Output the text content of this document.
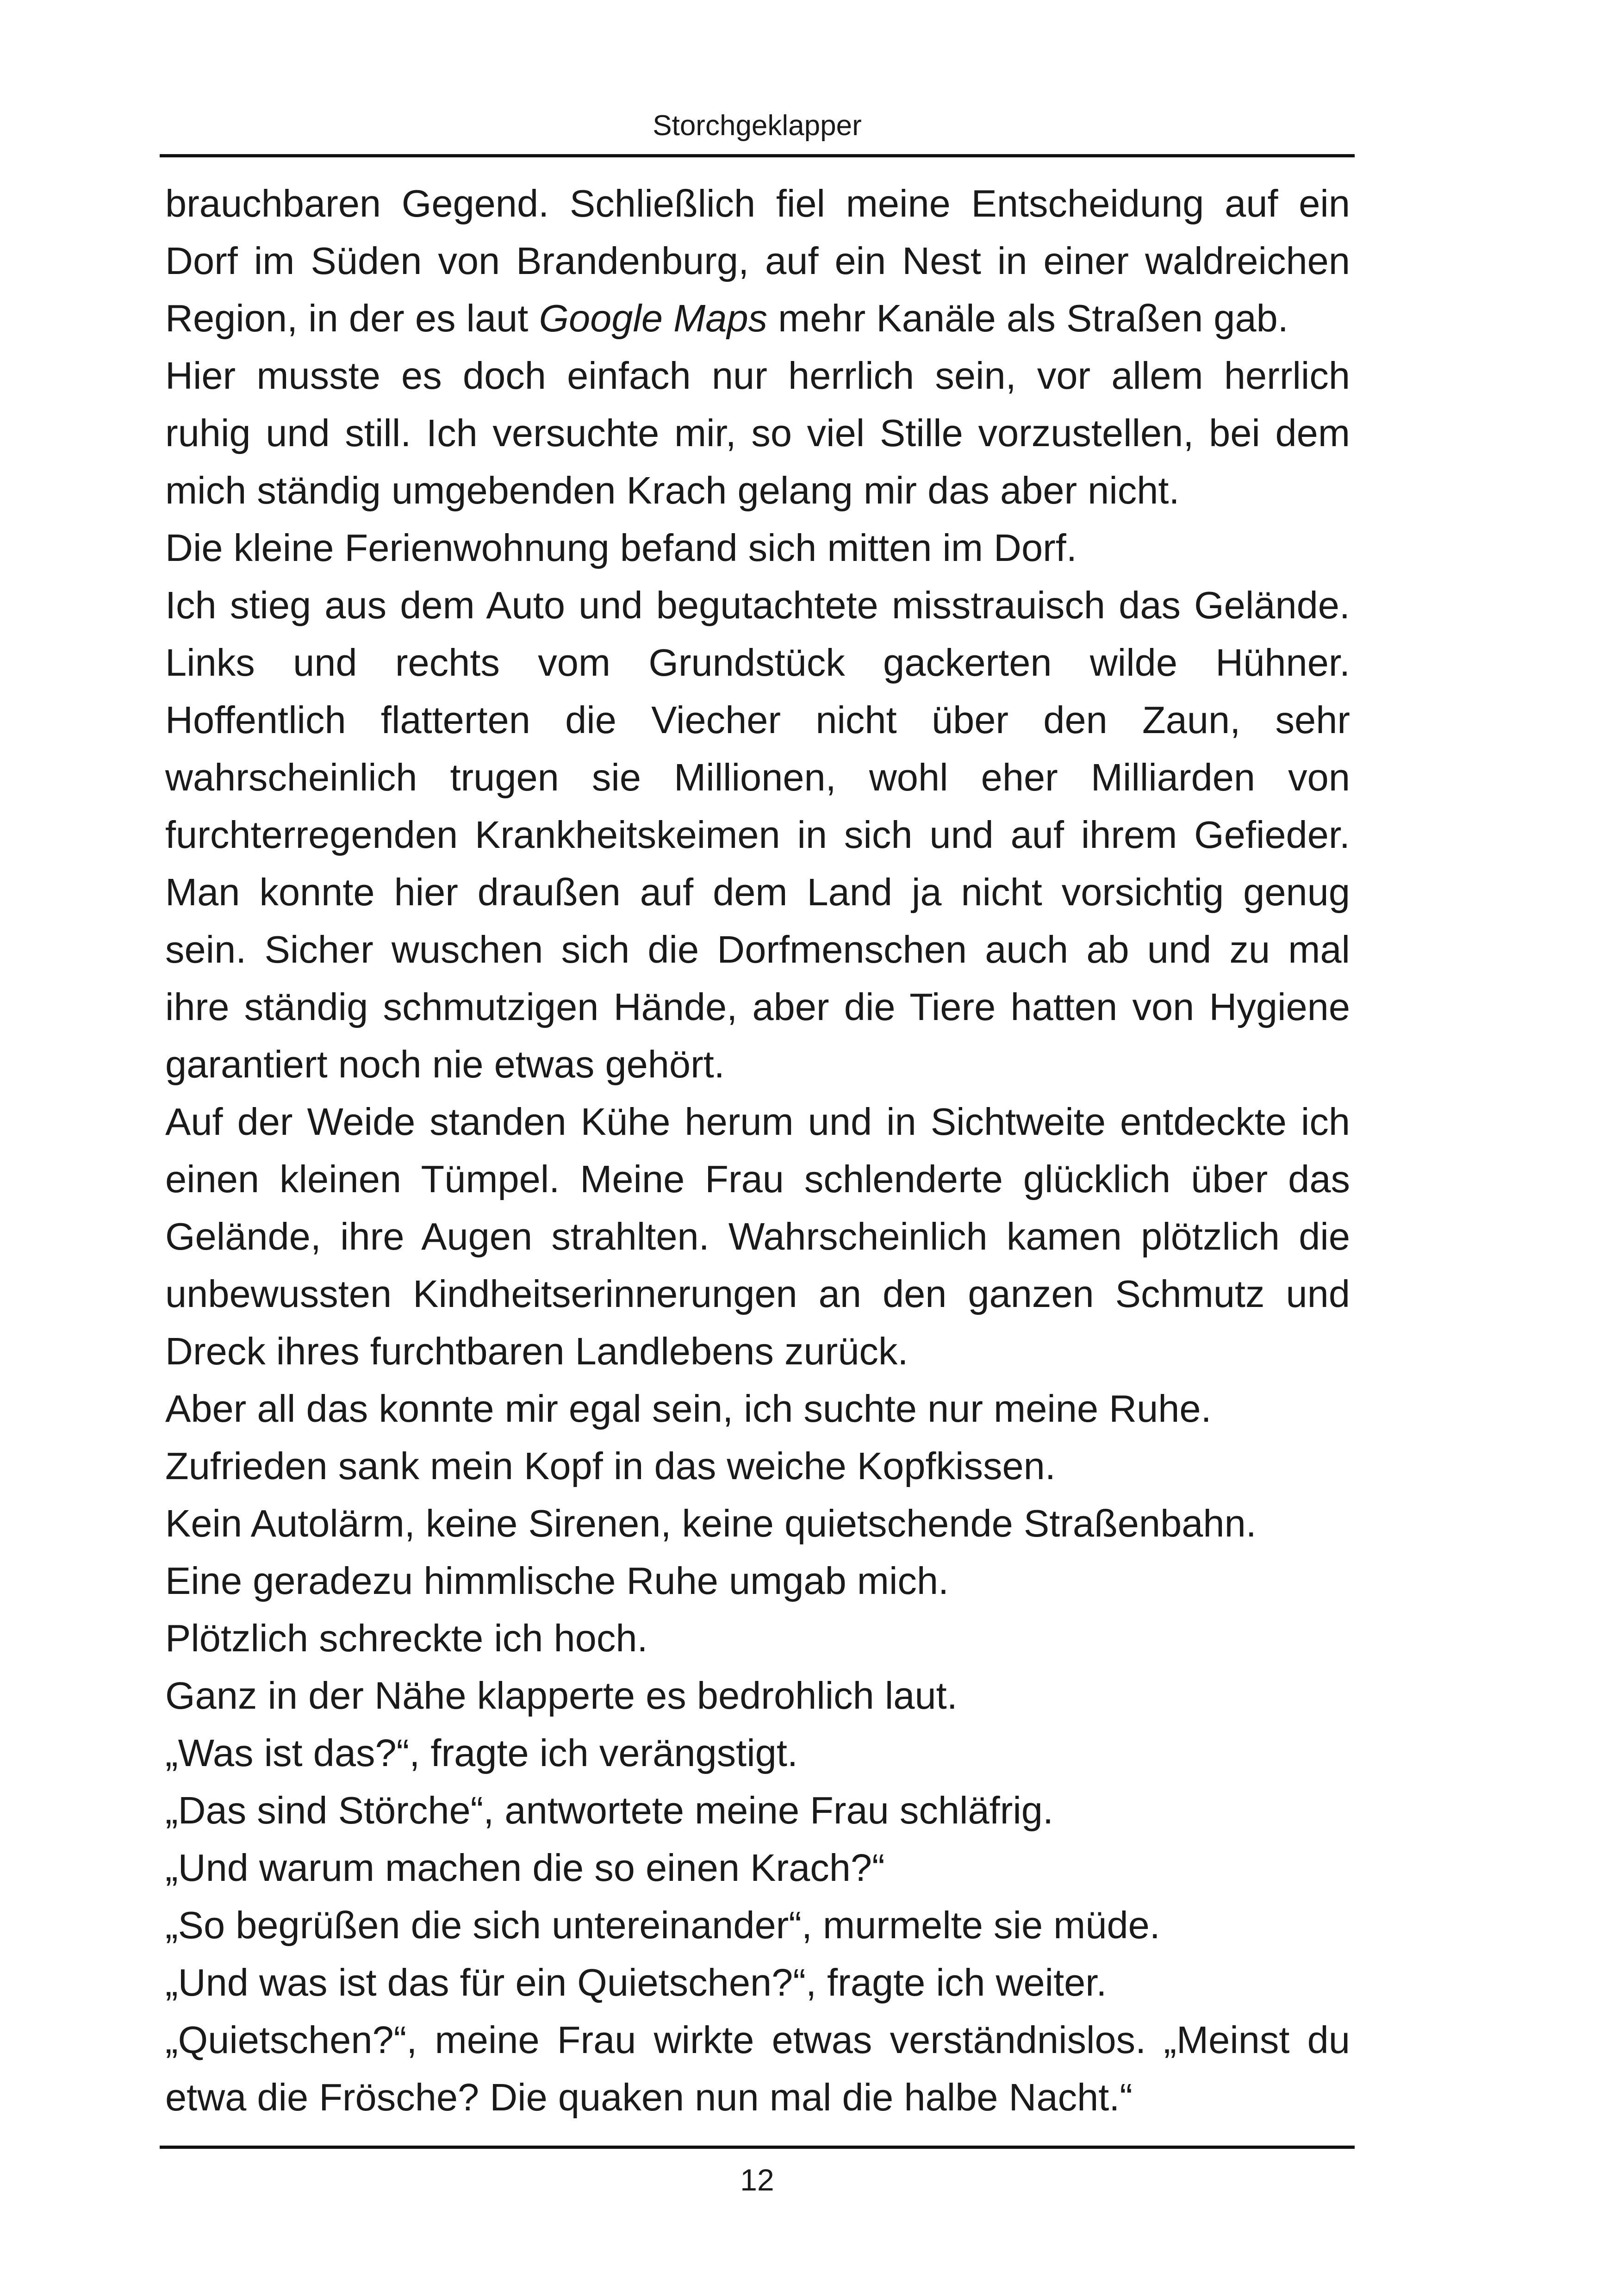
Storchgeklapper
brauchbaren Gegend. Schließlich fiel meine Entscheidung auf ein
Dorf im Süden von Brandenburg, auf ein Nest in einer waldreichen
Region, in der es laut Google Maps mehr Kanäle als Straßen gab.
Hier musste es doch einfach nur herrlich sein, vor allem herrlich
ruhig und still. Ich versuchte mir, so viel Stille vorzustellen, bei dem
mich ständig umgebenden Krach gelang mir das aber nicht.
Die kleine Ferienwohnung befand sich mitten im Dorf.
Ich stieg aus dem Auto und begutachtete misstrauisch das Gelände.
Links und rechts vom Grundstück gackerten wilde Hühner.
Hoffentlich flatterten die Viecher nicht über den Zaun, sehr
wahrscheinlich trugen sie Millionen, wohl eher Milliarden von
furchterregenden Krankheitskeimen in sich und auf ihrem Gefieder.
Man konnte hier draußen auf dem Land ja nicht vorsichtig genug
sein. Sicher wuschen sich die Dorfmenschen auch ab und zu mal
ihre ständig schmutzigen Hände, aber die Tiere hatten von Hygiene
garantiert noch nie etwas gehört.
Auf der Weide standen Kühe herum und in Sichtweite entdeckte ich
einen kleinen Tümpel. Meine Frau schlenderte glücklich über das
Gelände, ihre Augen strahlten. Wahrscheinlich kamen plötzlich die
unbewussten Kindheitserinnerungen an den ganzen Schmutz und
Dreck ihres furchtbaren Landlebens zurück.
Aber all das konnte mir egal sein, ich suchte nur meine Ruhe.
Zufrieden sank mein Kopf in das weiche Kopfkissen.
Kein Autolärm, keine Sirenen, keine quietschende Straßenbahn.
Eine geradezu himmlische Ruhe umgab mich.
Plötzlich schreckte ich hoch.
Ganz in der Nähe klapperte es bedrohlich laut.
„Was ist das?“, fragte ich verängstigt.
„Das sind Störche“, antwortete meine Frau schläfrig.
„Und warum machen die so einen Krach?“
„So begrüßen die sich untereinander“, murmelte sie müde.
„Und was ist das für ein Quietschen?“, fragte ich weiter.
„Quietschen?“, meine Frau wirkte etwas verständnislos. „Meinst du
etwa die Frösche? Die quaken nun mal die halbe Nacht.“
12
